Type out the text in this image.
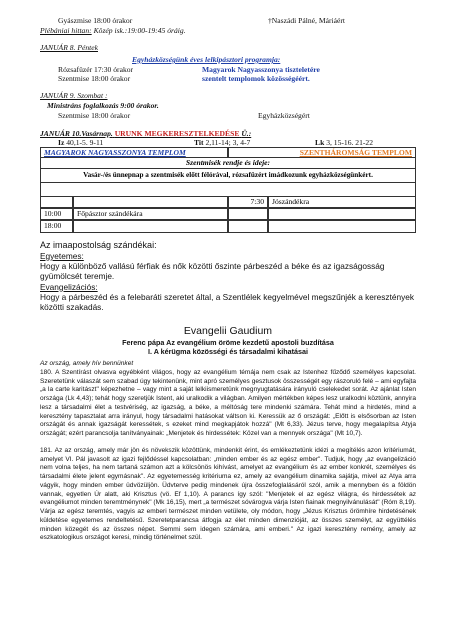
Gyászmise 18:00 órakor	†Naszádi Pálné, Máriáért
Plébániai hittan: Közép isk.:19:00-19:45 óráig.
JANUÁR 8. Péntek
Egyházközségünk éves lelkipásztori programja:
Rózsafüzér 17:30 órakor	Magyarok Nagyasszonya tiszteletére
Szentmise 18:00 órakor	szentelt templomok közösségéért.
JANUÁR 9. Szombat :
Ministráns foglalkozás 9:00 órakor.
Szentmise 18:00 órakor	Egyházközségért
JANUÁR 10.Vasárnap. URUNK MEGKERESZTELKEDÉSE Ü.:
Iz 40,1-5. 9-11	Tit 2,11-14; 3, 4-7	Lk 3, 15-16. 21-22
MAGYAROK NAGYASSZONYA TEMPLOM	SZENTHÁROMSÁG TEMPLOM
Szentmisék rendje és ideje:
Vasár-/és ünnepnap a szentmisék előtt félórával, rózsafüzért imádkozunk egyházközségünkért.
7:30	Jószándékra
10:00	Főpásztor szándékára
18:00
Az imaapostolság szándékai:
Egyetemes:
Hogy a különböző vallású férfiak és nők közötti őszinte párbeszéd a béke és az igazságosság gyümölcsét teremje.
Evangelizációs:
Hogy a párbeszéd és a felebaráti szeretet által, a Szentlélek kegyelmével megszűnjék a keresztények közötti szakadás.
Evangelii Gaudium
Ferenc pápa Az evangélium öröme kezdetű apostoli buzdítása
I. A kérügma közösségi és társadalmi kihatásai

Az ország, amely hív bennünket

180. A Szentírást olvasva egyébként világos, hogy az evangélium témája nem csak az Istenhez fűződő személyes kapcsolat. Szeretetünk válaszát sem szabad úgy tekintenünk, mint apró személyes gesztusok összességét egy rászoruló felé – ami egyfajta „a la carte karitászt" képezhetne – vagy mint a saját lelkiismeretünk megnyugtatására irányuló cselekedet sorát. Az ajánlat Isten országa (Lk 4,43); tehát hogy szeretjük Istent, aki uralkodik a világban. Amilyen mértékben képes lesz uralkodni köztünk, annyira lesz a társadalmi élet a testvériség, az igazság, a béke, a méltóság tere mindenki számára. Tehát mind a hirdetés, mind a keresztény tapasztalat arra irányul, hogy társadalmi hatásokat váltson ki. Keressük az ő országát: „Előtt is elsősorban az Isten országát és annak igazságát keressétek, s ezeket mind megkapjátok hozzá" (Mt 6,33). Jézus terve, hogy megalapítsa Atyja országát; ezért parancsolja tanítványainak: „Menjetek és hirdessétek: Közel van a mennyek országa" (Mt 10,7).

181. Az az ország, amely már jön és növekszik közöttünk, mindenkit érint, és emlékeztetünk idézi a megítélés azon kritériumát, amelyet VI. Pál javasolt az igazi fejlődéssel kapcsolatban: „minden ember és az egész ember". Tudjuk, hogy „az evangelizáció nem volna teljes, ha nem tartaná számon azt a kölcsönös kihívást, amelyet az evangélium és az ember konkrét, személyes és társadalmi élete jelent egymásnak". Az egyetemesség kritériuma ez, amely az evangélium dinamika sajátja, mivel az Atya arra vágyik, hogy minden ember üdvözüljön. Üdvterve pedig mindenek újra összefoglalásáról szól, amik a mennyben és a földön vannak, egyetlen Úr alatt, aki Krisztus (vö. Ef 1,10). A parancs így szól: "Menjetek el az egész világra, és hirdessétek az evangéliumot minden teremtménynek" (Mk 16,15), mert „a természet sóvárogva várja Isten fiainak megnyilvánulását" (Róm 8,19). Várja az egész teremtés, vagyis az emberi természet minden vetülete, oly módon, hogy „Jézus Krisztus örömhíre hirdetésének küldetése egyetemes rendeltetésű. Szeretetparancsa átfogja az élet minden dimenzióját, az összes személyt, az együttélés minden közegét és az összes népet. Semmi sem idegen számára, ami emberi." Az igazi keresztény remény, amely az eszkatologikus országot keresi, mindig történelmet szül.
